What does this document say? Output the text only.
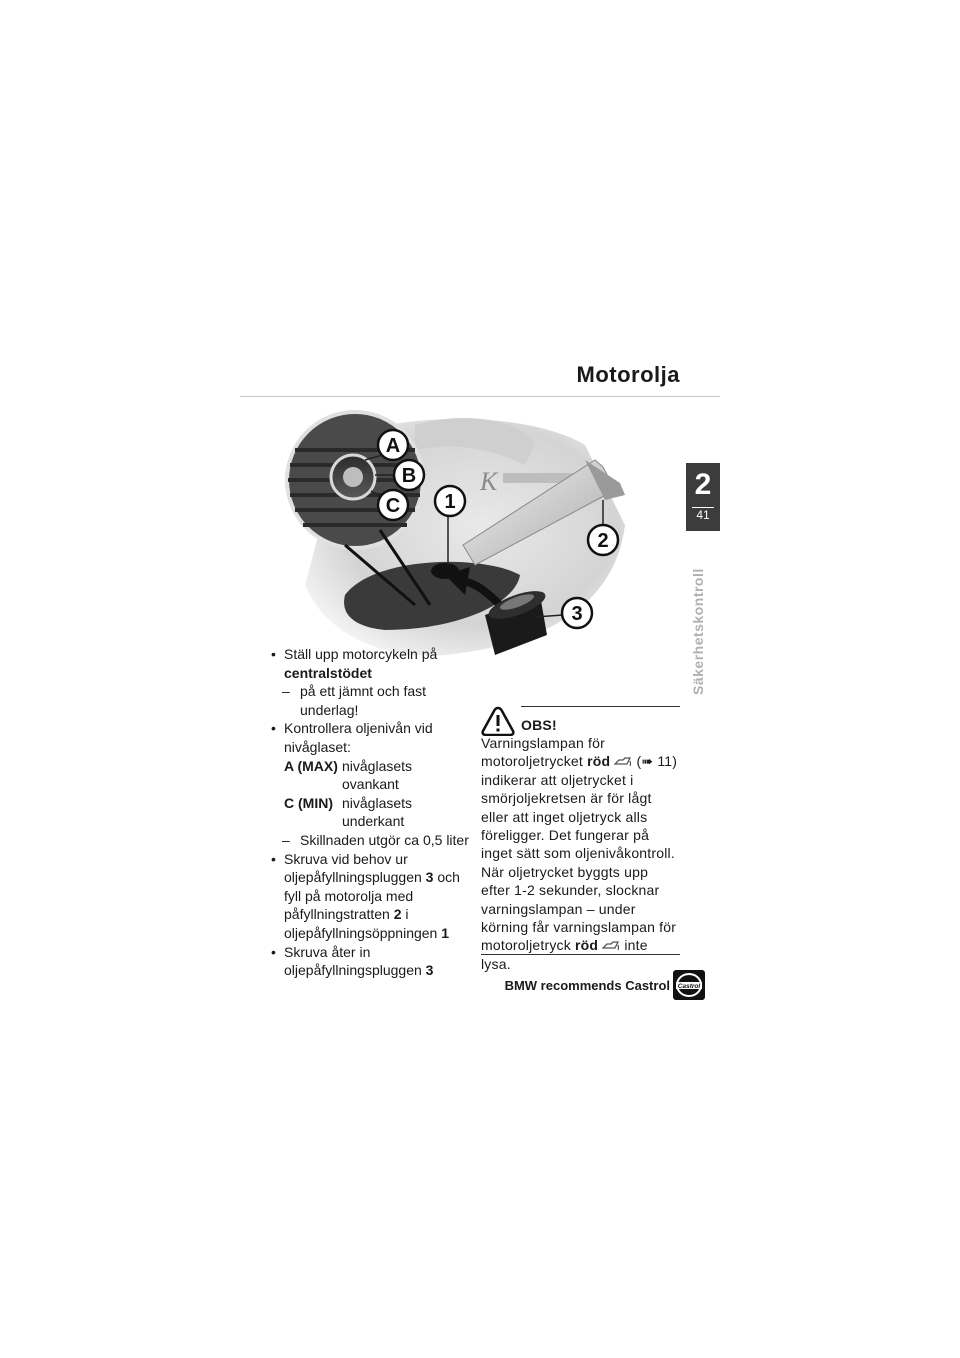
Motorolja
2
41
Säkerhetskontroll
K
A
B
C 1
2
3
• Ställ upp motorcykeln på
centralstödet
– på ett jämnt och fast underlag!
• Kontrollera oljenivån vid nivåglaset:
A (MAX) nivåglasets ovankant
C (MIN) nivåglasets underkant
– Skillnaden utgör ca 0,5 liter
• Skruva vid behov ur oljepåfyllningspluggen 3 och fyll på motorolja med påfyllningstratten 2 i oljepåfyllningsöppningen 1
• Skruva åter in oljepåfyllningspluggen 3
OBS!
Varningslampan för motoroljetrycket röd (➠ 11) indikerar att oljetrycket i smörjoljekretsen är för lågt eller att inget oljetryck alls föreligger. Det fungerar på inget sätt som oljenivåkontroll. När oljetrycket byggts upp efter 1-2 sekunder, slocknar varningslampan – under körning får varningslampan för motoroljetryck röd inte lysa.
BMW recommends Castrol Castrol
